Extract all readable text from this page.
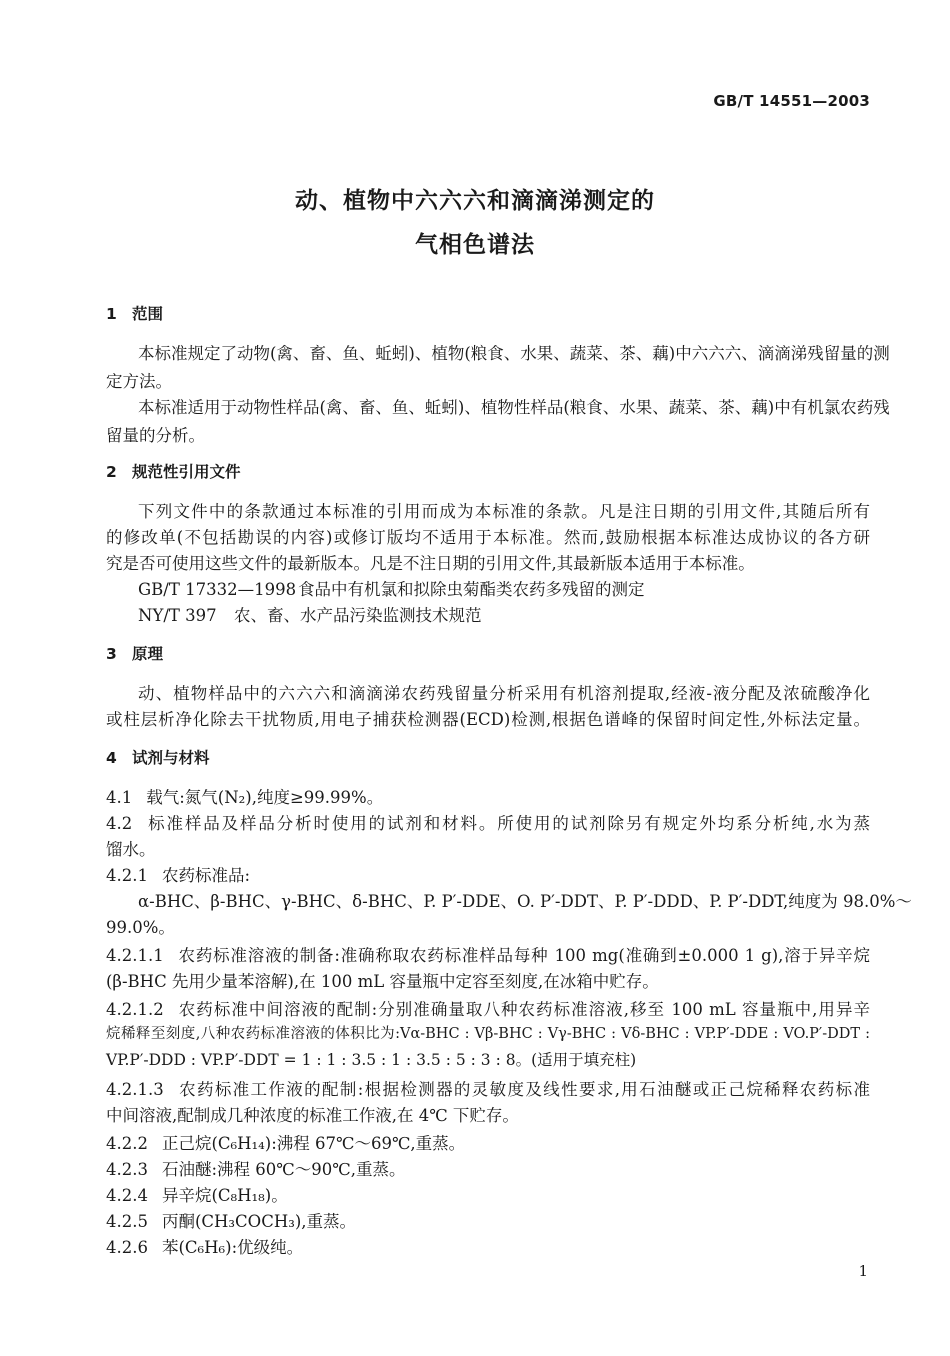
GB/T 14551—2003
动、植物中六六六和滴滴涕测定的
气相色谱法
1 范围
本标准规定了动物(禽、畜、鱼、蚯蚓)、植物(粮食、水果、蔬菜、茶、藕)中六六六、滴滴涕残留量的测
定方法。
本标准适用于动物性样品(禽、畜、鱼、蚯蚓)、植物性样品(粮食、水果、蔬菜、茶、藕)中有机氯农药残
留量的分析。
2 规范性引用文件
下列文件中的条款通过本标准的引用而成为本标准的条款。凡是注日期的引用文件,其随后所有
的修改单(不包括勘误的内容)或修订版均不适用于本标准。然而,鼓励根据本标准达成协议的各方研
究是否可使用这些文件的最新版本。凡是不注日期的引用文件,其最新版本适用于本标准。
GB/T 17332—1998 食品中有机氯和拟除虫菊酯类农药多残留的测定
NY/T 397 农、畜、水产品污染监测技术规范
3 原理
动、植物样品中的六六六和滴滴涕农药残留量分析采用有机溶剂提取,经液-液分配及浓硫酸净化
或柱层析净化除去干扰物质,用电子捕获检测器(ECD)检测,根据色谱峰的保留时间定性,外标法定量。
4 试剂与材料
4.1 载气:氮气(N₂),纯度≥99.99%。
4.2 标准样品及样品分析时使用的试剂和材料。所使用的试剂除另有规定外均系分析纯,水为蒸
馏水。
4.2.1 农药标准品:
α-BHC、β-BHC、γ-BHC、δ-BHC、P. P′-DDE、O. P′-DDT、P. P′-DDD、P. P′-DDT,纯度为 98.0%～
99.0%。
4.2.1.1 农药标准溶液的制备:准确称取农药标准样品每种 100 mg(准确到±0.000 1 g),溶于异辛烷
(β-BHC 先用少量苯溶解),在 100 mL 容量瓶中定容至刻度,在冰箱中贮存。
4.2.1.2 农药标准中间溶液的配制:分别准确量取八种农药标准溶液,移至 100 mL 容量瓶中,用异辛
烷稀释至刻度,八种农药标准溶液的体积比为:Vα-BHC : Vβ-BHC : Vγ-BHC : Vδ-BHC : VP.P′-DDE : VO.P′-DDT :
VP.P′-DDD : VP.P′-DDT = 1 : 1 : 3.5 : 1 : 3.5 : 5 : 3 : 8。(适用于填充柱)
4.2.1.3 农药标准工作液的配制:根据检测器的灵敏度及线性要求,用石油醚或正己烷稀释农药标准
中间溶液,配制成几种浓度的标准工作液,在 4℃ 下贮存。
4.2.2 正己烷(C₆H₁₄):沸程 67℃～69℃,重蒸。
4.2.3 石油醚:沸程 60℃～90℃,重蒸。
4.2.4 异辛烷(C₈H₁₈)。
4.2.5 丙酮(CH₃COCH₃),重蒸。
4.2.6 苯(C₆H₆):优级纯。
1
